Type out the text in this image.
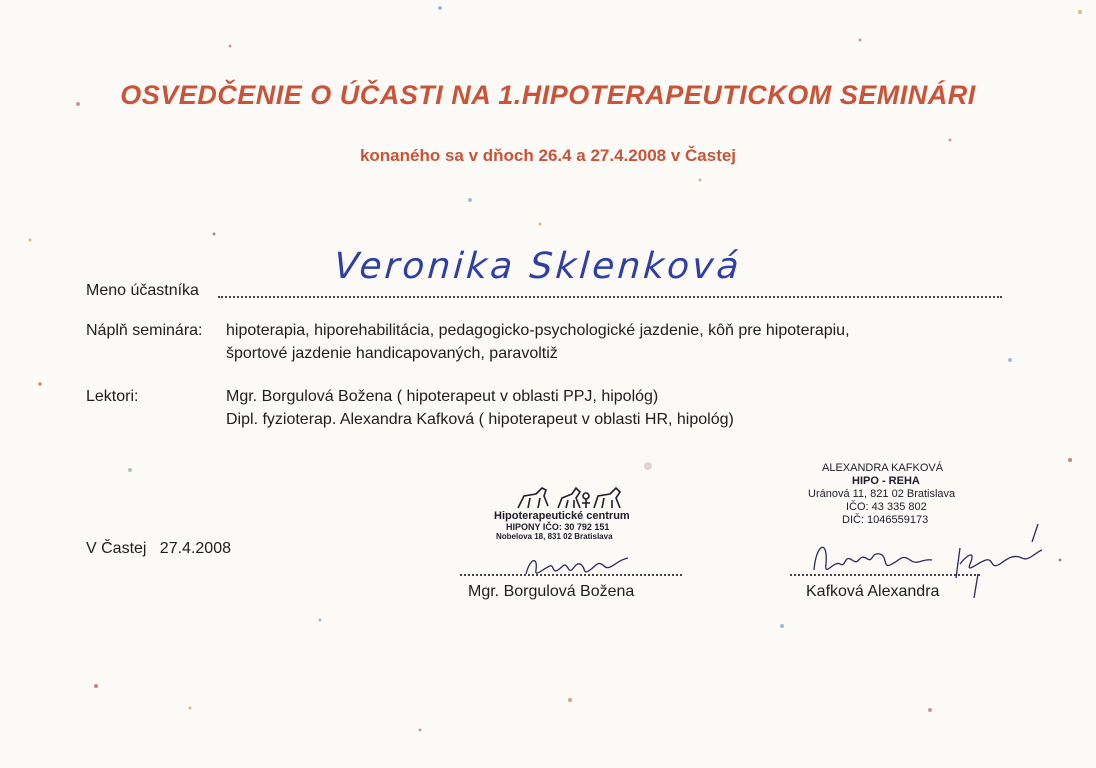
OSVEDČENIE O ÚČASTI NA 1.HIPOTERAPEUTICKOM SEMINÁRI
konaného sa v dňoch 26.4 a 27.4.2008 v Častej
Meno účastníka
Veronika Sklenková
Náplň seminára: hipoterapia, hiporehabilitácia, pedagogicko-psychologické jazdenie, kôň pre hipoterapiu,
športové jazdenie handicapovaných, paravoltiž
Lektori:	Mgr. Borgulová Božena ( hipoterapeut v oblasti PPJ, hipológ)
Dipl. fyzioterap. Alexandra Kafková ( hipoterapeut v oblasti HR, hipológ)
V Častej   27.4.2008
Hipoterapeutické centrum
HIPONY IČO: 30 792 151
Nobelova 18, 831 02 Bratislava
Mgr. Borgulová Božena
ALEXANDRA KAFKOVÁ
HIPO - REHA
Uránová 11, 821 02 Bratislava
IČO: 43 335 802
DIČ: 1046559173
Kafková Alexandra
